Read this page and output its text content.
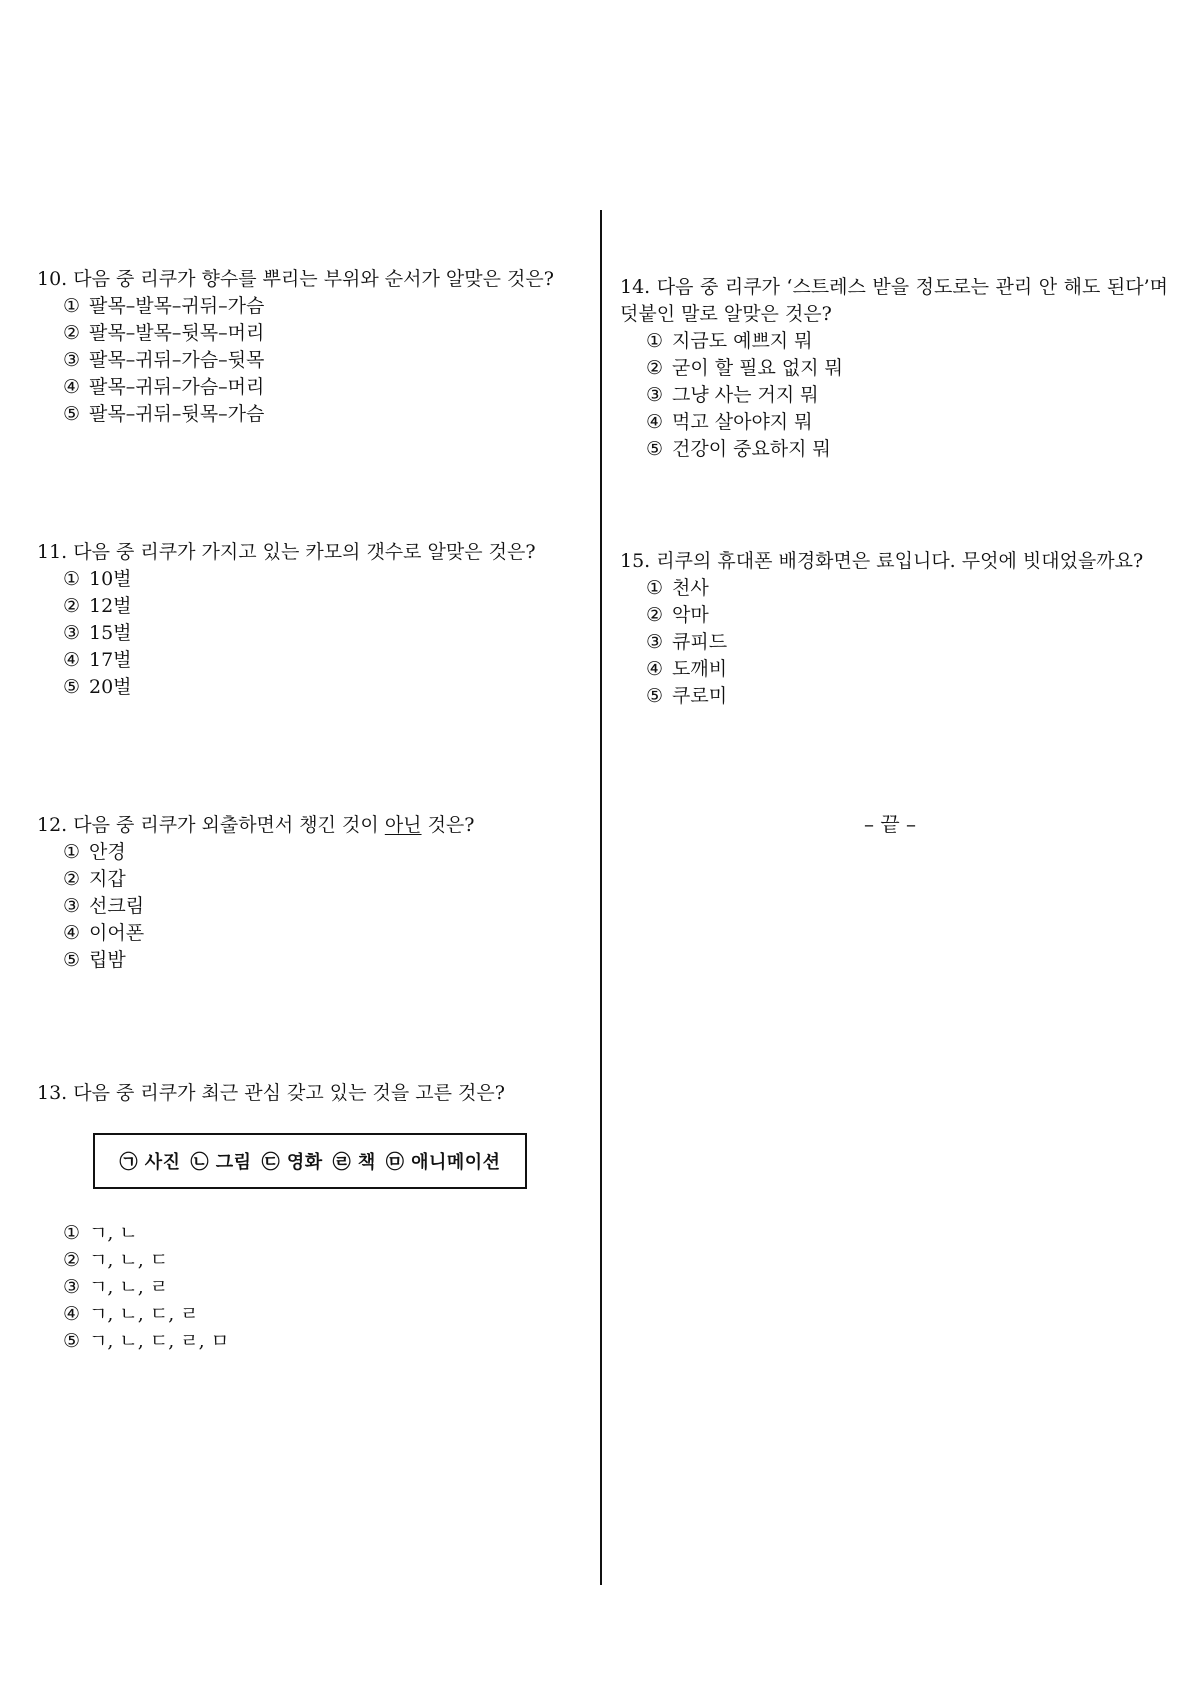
10. 다음 중 리쿠가 향수를 뿌리는 부위와 순서가 알맞은 것은?

① 팔목–발목–귀뒤–가슴
② 팔목–발목–뒷목–머리
③ 팔목–귀뒤–가슴–뒷목
④ 팔목–귀뒤–가슴–머리
⑤ 팔목–귀뒤–뒷목–가슴

11. 다음 중 리쿠가 가지고 있는 카모의 갯수로 알맞은 것은?

① 10벌
② 12벌
③ 15벌
④ 17벌
⑤ 20벌

12. 다음 중 리쿠가 외출하면서 챙긴 것이 아닌 것은?

① 안경
② 지갑
③ 선크림
④ 이어폰
⑤ 립밤

13. 다음 중 리쿠가 최근 관심 갖고 있는 것을 고른 것은?

㉠ 사진 ㉡ 그림 ㉢ 영화 ㉣ 책 ㉤ 애니메이션
① ㄱ, ㄴ
② ㄱ, ㄴ, ㄷ
③ ㄱ, ㄴ, ㄹ
④ ㄱ, ㄴ, ㄷ, ㄹ
⑤ ㄱ, ㄴ, ㄷ, ㄹ, ㅁ

14. 다음 중 리쿠가 ‘스트레스 받을 정도로는 관리 안 해도 된다’며 덧붙인 말로 알맞은 것은?

① 지금도 예쁘지 뭐
② 굳이 할 필요 없지 뭐
③ 그냥 사는 거지 뭐
④ 먹고 살아야지 뭐
⑤ 건강이 중요하지 뭐

15. 리쿠의 휴대폰 배경화면은 료입니다. 무엇에 빗대었을까요?

① 천사
② 악마
③ 큐피드
④ 도깨비
⑤ 쿠로미
– 끝 –
